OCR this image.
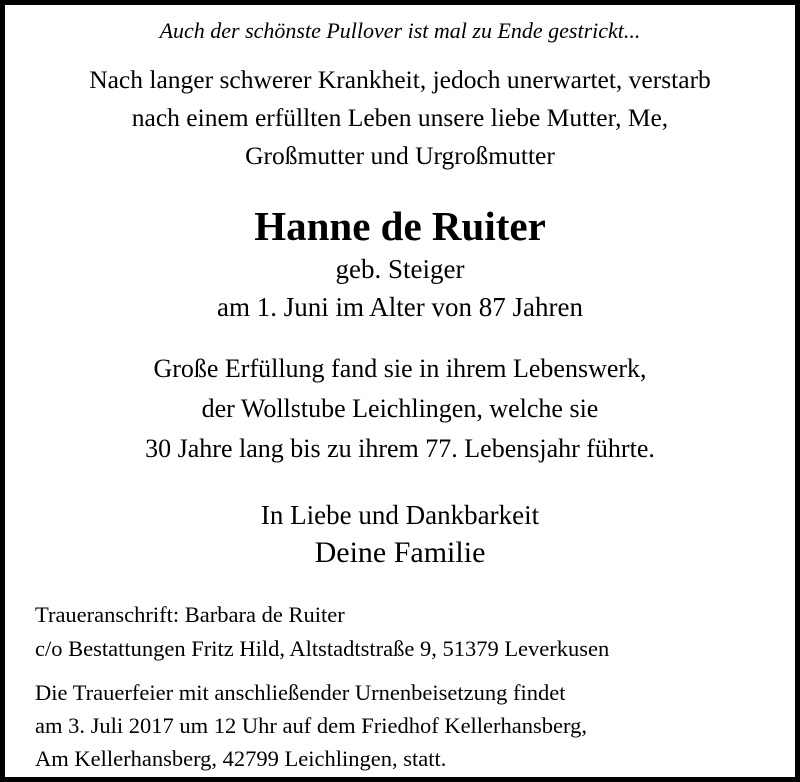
Auch der schönste Pullover ist mal zu Ende gestrickt...
Nach langer schwerer Krankheit, jedoch unerwartet, verstarb
nach einem erfüllten Leben unsere liebe Mutter, Me,
Großmutter und Urgroßmutter
Hanne de Ruiter
geb. Steiger
am 1. Juni im Alter von 87 Jahren
Große Erfüllung fand sie in ihrem Lebenswerk,
der Wollstube Leichlingen, welche sie
30 Jahre lang bis zu ihrem 77. Lebensjahr führte.
In Liebe und Dankbarkeit
Deine Familie
Traueranschrift: Barbara de Ruiter
c/o Bestattungen Fritz Hild, Altstadtstraße 9, 51379 Leverkusen
Die Trauerfeier mit anschließender Urnenbeisetzung findet
am 3. Juli 2017 um 12 Uhr auf dem Friedhof Kellerhansberg,
Am Kellerhansberg, 42799 Leichlingen, statt.
